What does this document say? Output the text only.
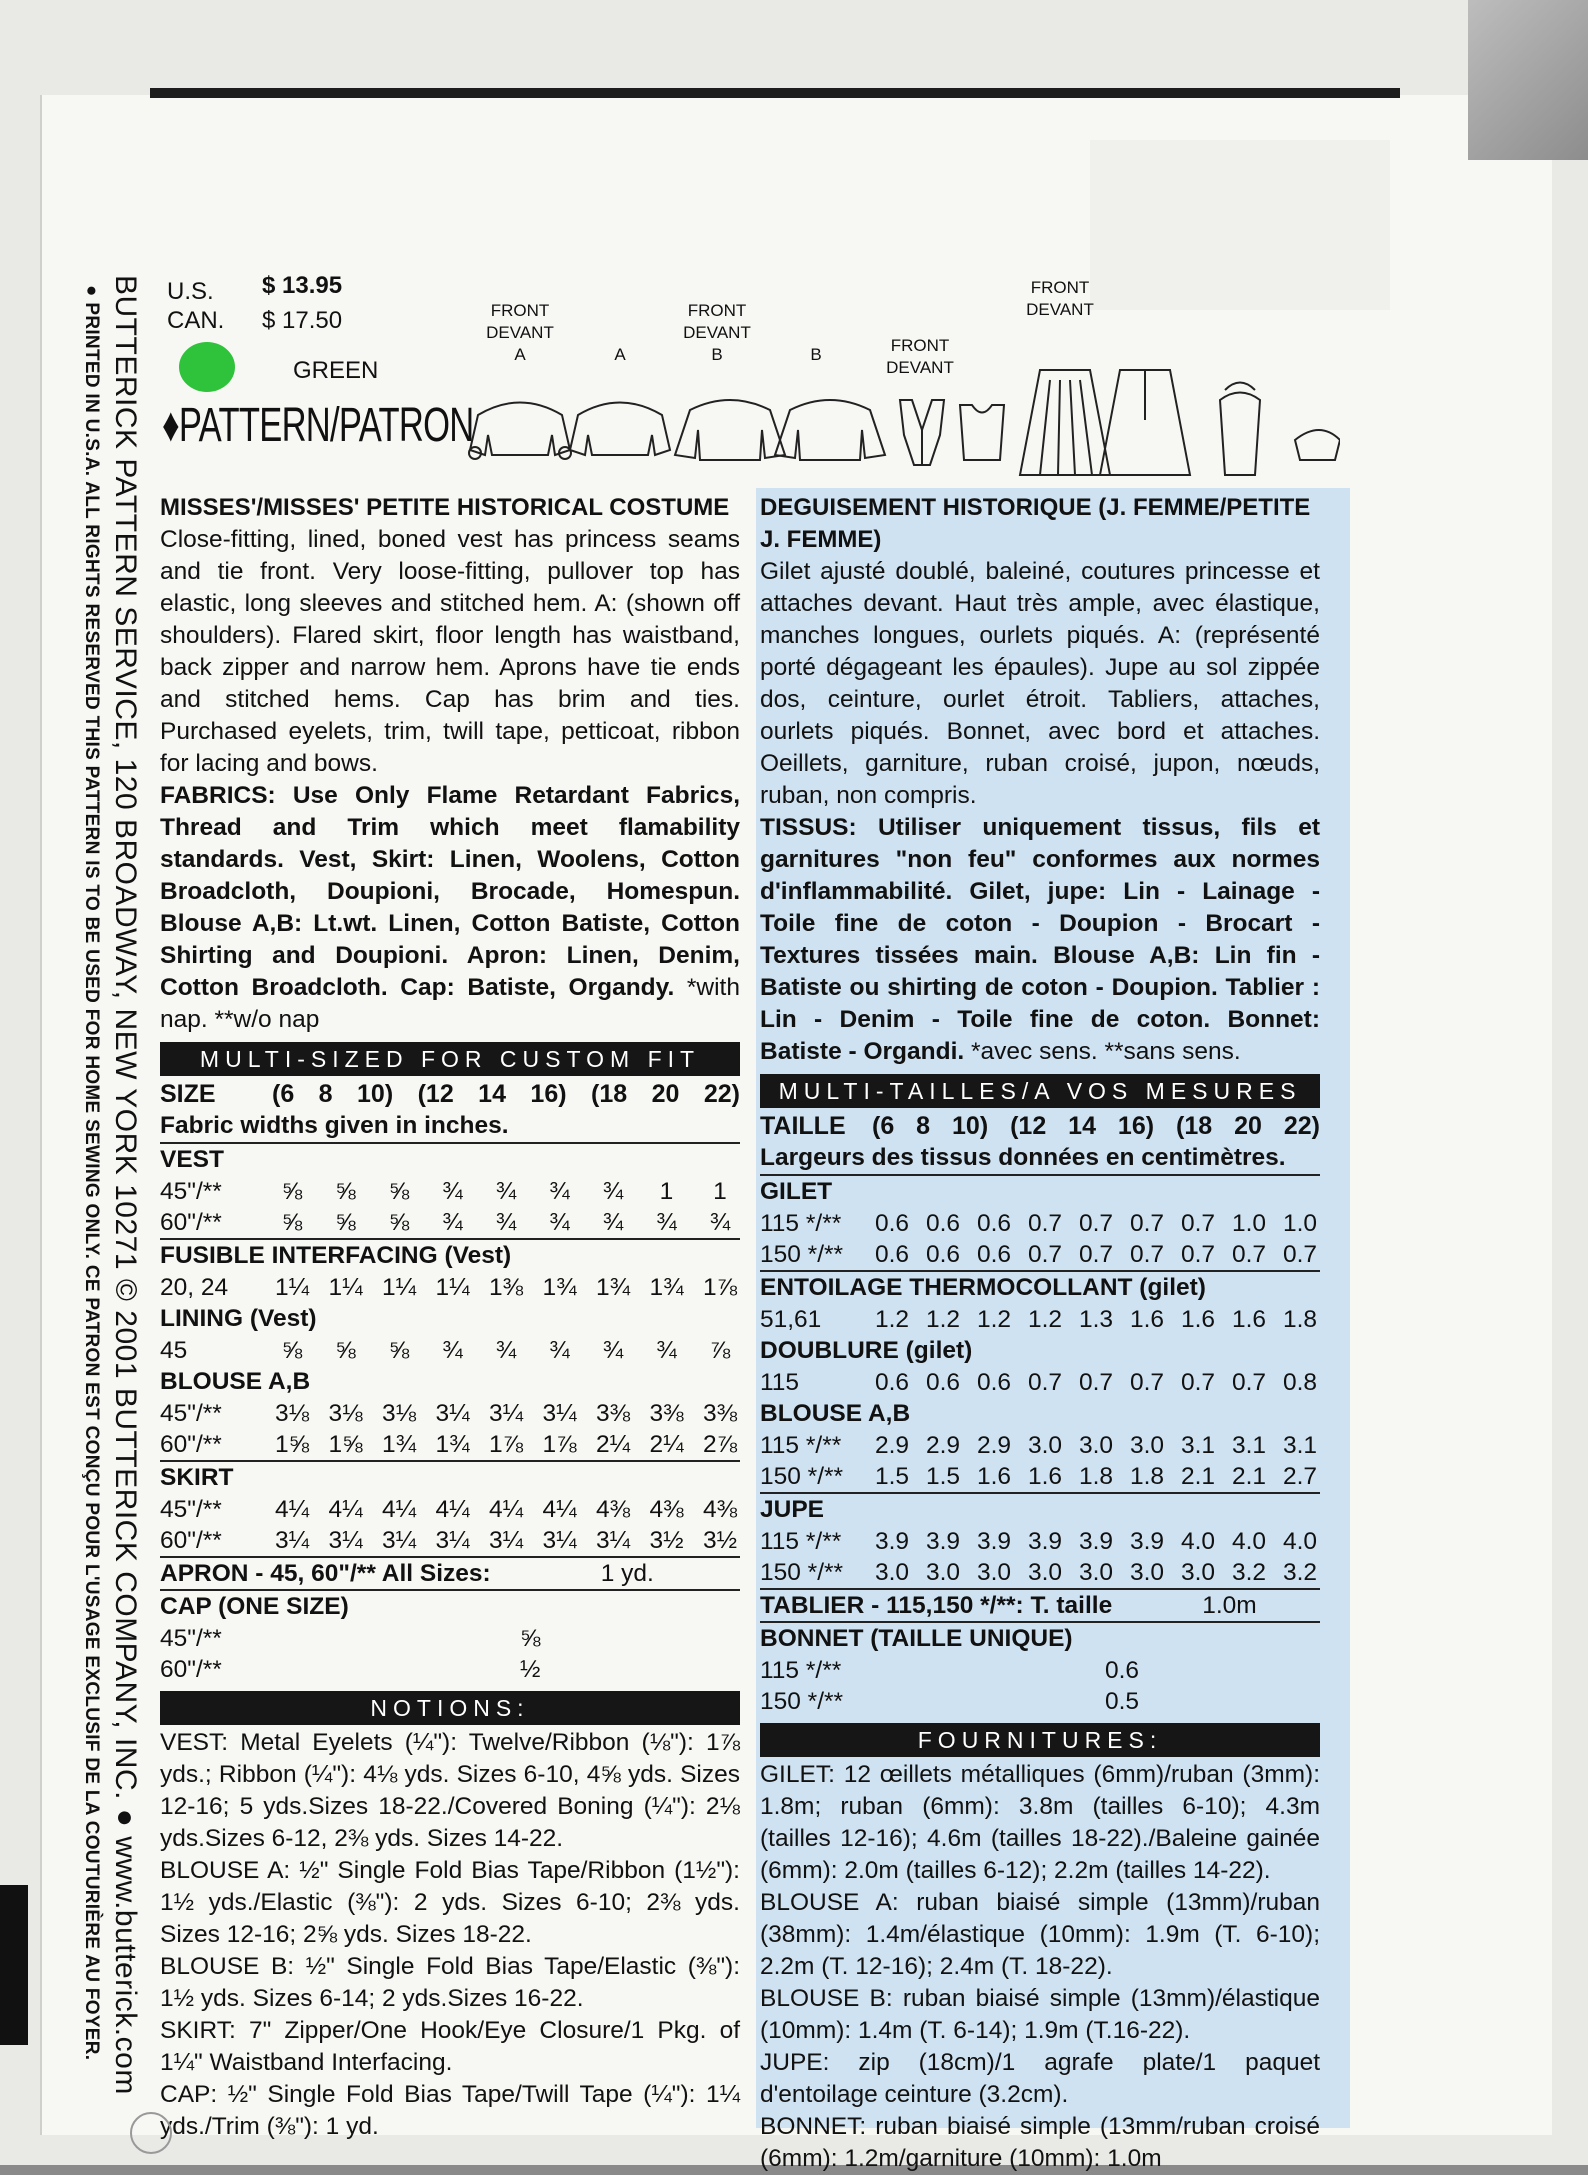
BUTTERICK PATTERN SERVICE, 120 BROADWAY, NEW YORK 10271 © 2001 BUTTERICK COMPANY, INC. ● www.butterick.com
● PRINTED IN U.S.A. ALL RIGHTS RESERVED THIS PATTERN IS TO BE USED FOR HOME SEWING ONLY. CE PATRON EST CONÇU POUR L'USAGE EXCLUSIF DE LA COUTURIÈRE AU FOYER.	U.S. $ 13.95
CAN. $ 17.50
GREEN
♦PATTERN/PATRON
FRONT
DEVANT
A	A
FRONT
DEVANT
B	B	FRONT
DEVANT
FRONT
DEVANT
MISSES'/MISSES' PETITE HISTORICAL COSTUME
Close-fitting, lined, boned vest has princess seams and tie front. Very loose-fitting, pullover top has elastic, long sleeves and stitched hem. A: (shown off shoulders). Flared skirt, floor length has waistband, back zipper and narrow hem. Aprons have tie ends and stitched hems. Cap has brim and ties. Purchased eyelets, trim, twill tape, petticoat, ribbon for lacing and bows.
FABRICS: Use Only Flame Retardant Fabrics, Thread and Trim which meet flamability standards. Vest, Skirt: Linen, Woolens, Cotton Broadcloth, Doupioni, Brocade, Homespun. Blouse A,B: Lt.wt. Linen, Cotton Batiste, Cotton Shirting and Doupioni. Apron: Linen, Denim, Cotton Broadcloth. Cap: Batiste, Organdy. *with nap. **w/o nap
MULTI-SIZED FOR CUSTOM FIT
SIZE	(6 8 10) (12 14 16) (18 20 22)
Fabric widths given in inches.
VEST
45"/**	⅝	⅝	⅝	¾	¾	¾	¾	1	1
60"/**	⅝	⅝	⅝	¾	¾	¾	¾	¾	¾
FUSIBLE INTERFACING (Vest)
20, 24	1¼ 1¼ 1¼ 1¼ 1⅜ 1¾ 1¾ 1¾ 1⅞
LINING (Vest)
45	⅝	⅝	⅝	¾	¾	¾	¾	¾	⅞
BLOUSE A,B
45"/**	3⅛ 3⅛ 3⅛ 3¼ 3¼ 3¼ 3⅜ 3⅜ 3⅜
60"/**	1⅝ 1⅝ 1¾ 1¾ 1⅞ 1⅞ 2¼ 2¼ 2⅞
SKIRT
45"/**	4¼ 4¼ 4¼ 4¼ 4¼ 4¼ 4⅜ 4⅜ 4⅜
60"/**	3¼ 3¼ 3¼ 3¼ 3¼ 3¼ 3¼ 3½ 3½
APRON - 45, 60"/** All Sizes:	1 yd.
CAP (ONE SIZE)
45"/**	⅝
60"/**	½
NOTIONS:

VEST: Metal Eyelets (¼"): Twelve/Ribbon (⅛"): 1⅞ yds.; Ribbon (¼"): 4⅛ yds. Sizes 6-10, 4⅝ yds. Sizes 12-16; 5 yds.Sizes 18-22./Covered Boning (¼"): 2⅛ yds.Sizes 6-12, 2⅜ yds. Sizes 14-22.

BLOUSE A: ½" Single Fold Bias Tape/Ribbon (1½"): 1½ yds./Elastic (⅜"): 2 yds. Sizes 6-10; 2⅜ yds. Sizes 12-16; 2⅝ yds. Sizes 18-22.

BLOUSE B: ½" Single Fold Bias Tape/Elastic (⅜"): 1½ yds. Sizes 6-14; 2 yds.Sizes 16-22.

SKIRT: 7" Zipper/One Hook/Eye Closure/1 Pkg. of 1¼" Waistband Interfacing.

CAP: ½" Single Fold Bias Tape/Twill Tape (¼"): 1¼ yds./Trim (⅜"): 1 yd.

DEGUISEMENT HISTORIQUE (J. FEMME/PETITE J. FEMME)
Gilet ajusté doublé, baleiné, coutures princesse et attaches devant. Haut très ample, avec élastique, manches longues, ourlets piqués. A: (représenté porté dégageant les épaules). Jupe au sol zippée dos, ceinture, ourlet étroit. Tabliers, attaches, ourlets piqués. Bonnet, avec bord et attaches. Oeillets, garniture, ruban croisé, jupon, nœuds, ruban, non compris.
TISSUS: Utiliser uniquement tissus, fils et garnitures "non feu" conformes aux normes d'inflammabilité. Gilet, jupe: Lin - Lainage - Toile fine de coton - Doupion - Brocart - Textures tissées main. Blouse A,B: Lin fin - Batiste ou shirting de coton - Doupion. Tablier : Lin - Denim - Toile fine de coton. Bonnet: Batiste - Organdi. *avec sens. **sans sens.
MULTI-TAILLES/A VOS MESURES
TAILLE	(6 8 10) (12 14 16) (18 20 22)
Largeurs des tissus données en centimètres.
GILET
115 */**	0.6 0.6 0.6 0.7 0.7 0.7 0.7 1.0 1.0
150 */**	0.6 0.6 0.6 0.7 0.7 0.7 0.7 0.7 0.7
ENTOILAGE THERMOCOLLANT (gilet)
51,61	1.2 1.2 1.2 1.2 1.3 1.6 1.6 1.6 1.8
DOUBLURE (gilet)
115	0.6 0.6 0.6 0.7 0.7 0.7 0.7 0.7 0.8
BLOUSE A,B
115 */**	2.9 2.9 2.9 3.0 3.0 3.0 3.1 3.1 3.1
150 */**	1.5 1.5 1.6 1.6 1.8 1.8 2.1 2.1 2.7
JUPE
115 */**	3.9 3.9 3.9 3.9 3.9 3.9 4.0 4.0 4.0
150 */**	3.0 3.0 3.0 3.0 3.0 3.0 3.0 3.2 3.2
TABLIER - 115,150 */**: T. taille	1.0m
BONNET (TAILLE UNIQUE)
115 */**	0.6
150 */**	0.5
FOURNITURES:

GILET: 12 œillets métalliques (6mm)/ruban (3mm): 1.8m; ruban (6mm): 3.8m (tailles 6-10); 4.3m (tailles 12-16); 4.6m (tailles 18-22)./Baleine gainée (6mm): 2.0m (tailles 6-12); 2.2m (tailles 14-22).

BLOUSE A: ruban biaisé simple (13mm)/ruban (38mm): 1.4m/élastique (10mm): 1.9m (T. 6-10); 2.2m (T. 12-16); 2.4m (T. 18-22).

BLOUSE B: ruban biaisé simple (13mm)/élastique (10mm): 1.4m (T. 6-14); 1.9m (T.16-22).

JUPE: zip (18cm)/1 agrafe plate/1 paquet d'entoilage ceinture (3.2cm).

BONNET: ruban biaisé simple (13mm/ruban croisé (6mm): 1.2m/garniture (10mm): 1.0m
